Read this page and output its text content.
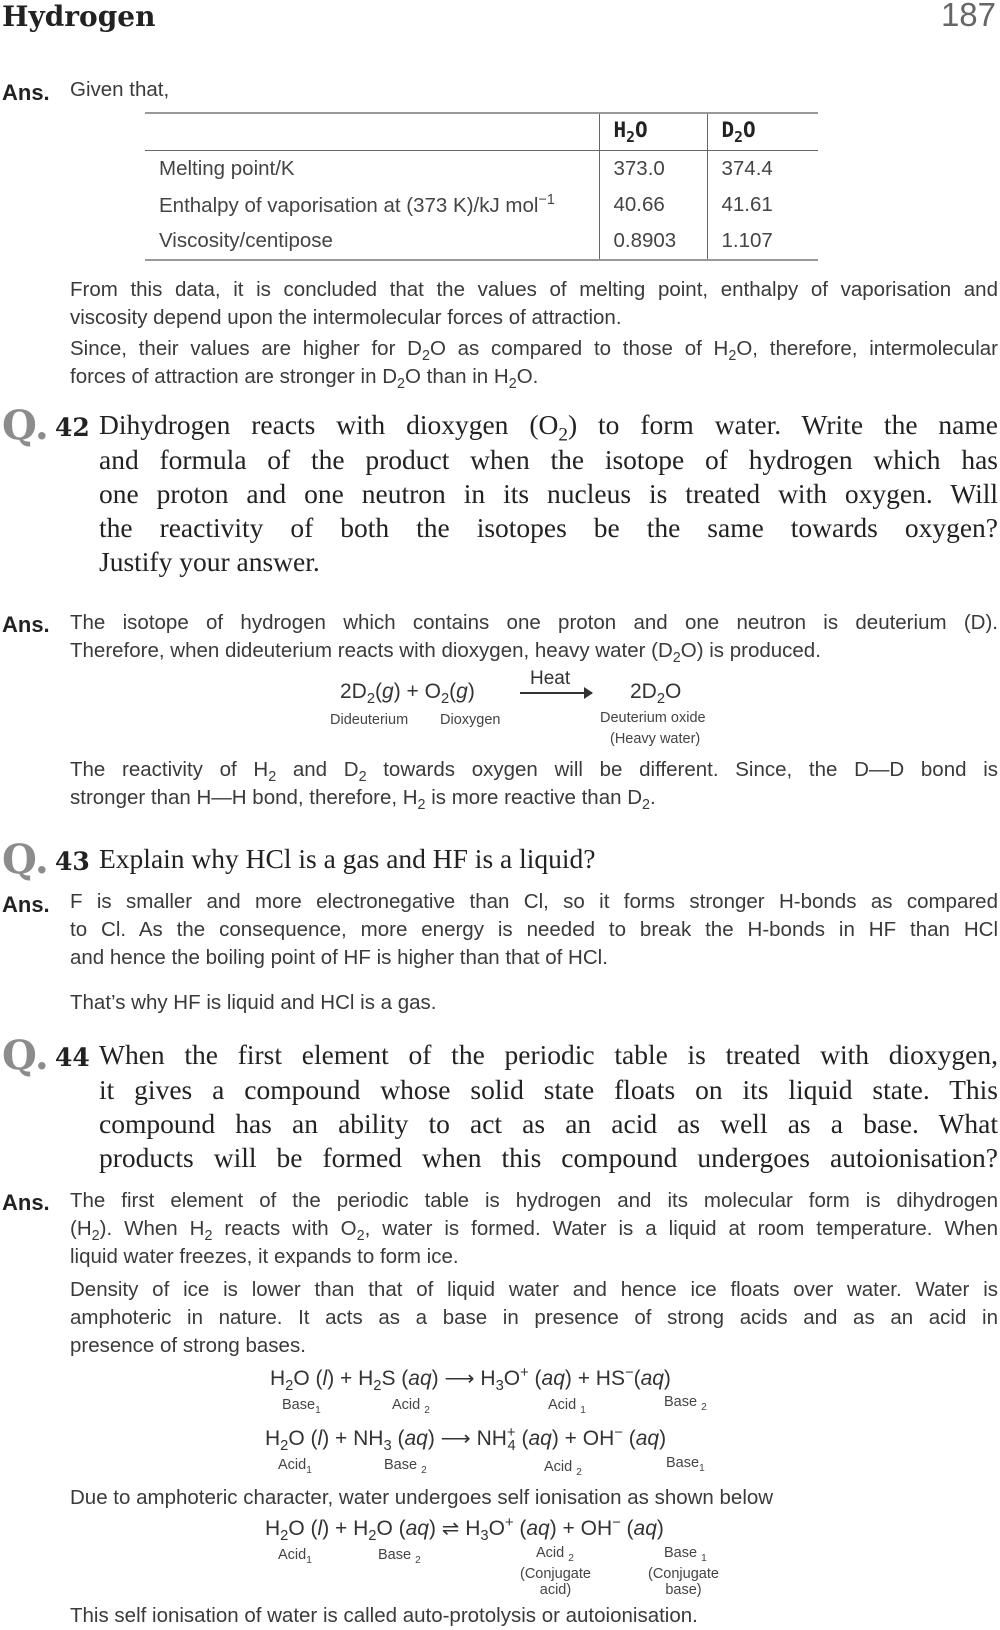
Hydrogen	187
Ans. Given that,
	$H_2O$	$D_2O$
Melting point/K	373.0	374.4
Enthalpy of vaporisation at (373 K)/kJ mol$^{-1}$	40.66	41.61
Viscosity/centipose	0.8903	1.107
From this data, it is concluded that the values of melting point, enthalpy of vaporisation and
viscosity depend upon the intermolecular forces of attraction.
Since, their values are higher for $D_2O$ as compared to those of $H_2O$, therefore, intermolecular
forces of attraction are stronger in $D_2O$ than in $H_2O$.
Q. 42 Dihydrogen reacts with dioxygen $(O_2)$ to form water. Write the name
and formula of the product when the isotope of hydrogen which has
one proton and one neutron in its nucleus is treated with oxygen. Will
the reactivity of both the isotopes be the same towards oxygen?
Justify your answer.
Ans. The isotope of hydrogen which contains one proton and one neutron is deuterium (D).
Therefore, when dideuterium reacts with dioxygen, heavy water $(D_2O)$ is produced.
$2D_2(g) + O_2(g)$
Heat
$2D_2O$
Dideuterium Dioxygen	Deuterium oxide
(Heavy water)
The reactivity of $H_2$ and $D_2$ towards oxygen will be different. Since, the D—D bond is
stronger than H—H bond, therefore, $H_2$ is more reactive than $D_2$.
Q. 43 Explain why HCl is a gas and HF is a liquid?
Ans. F is smaller and more electronegative than Cl, so it forms stronger H-bonds as compared
to Cl. As the consequence, more energy is needed to break the H-bonds in HF than HCl
and hence the boiling point of HF is higher than that of HCl.
That’s why HF is liquid and HCl is a gas.
Q. 44 When the first element of the periodic table is treated with dioxygen,
it gives a compound whose solid state floats on its liquid state. This
compound has an ability to act as an acid as well as a base. What
products will be formed when this compound undergoes autoionisation?
Ans. The first element of the periodic table is hydrogen and its molecular form is dihydrogen
$(H_2)$. When $H_2$ reacts with $O_2$, water is formed. Water is a liquid at room temperature. When
liquid water freezes, it expands to form ice.
Density of ice is lower than that of liquid water and hence ice floats over water. Water is
amphoteric in nature. It acts as a base in presence of strong acids and as an acid in
presence of strong bases.
$H_2O$ $(l) + H_2S$ (aq) ⟶ $H_3O^+$ (aq) + HS−(aq)
Base$_1$	Acid $_2$	Acid $_1$
Base $_2$
$H_2O$ $(l) + NH_3$ (aq) ⟶ $NH^+_4$ (aq) + OH− (aq)
Acid$_1$	Base $_2$	Acid $_2$
Base$_1$
Due to amphoteric character, water undergoes self ionisation as shown below
$H_2O$ $(l) + H_2O$ (aq) ⇌ $H_3O^+$ (aq) + OH− (aq)
Acid$_1$	Base $_2$	Acid $_2$	Base $_1$
(Conjugate
acid)
(Conjugate
base)
This self ionisation of water is called auto-protolysis or autoionisation.
